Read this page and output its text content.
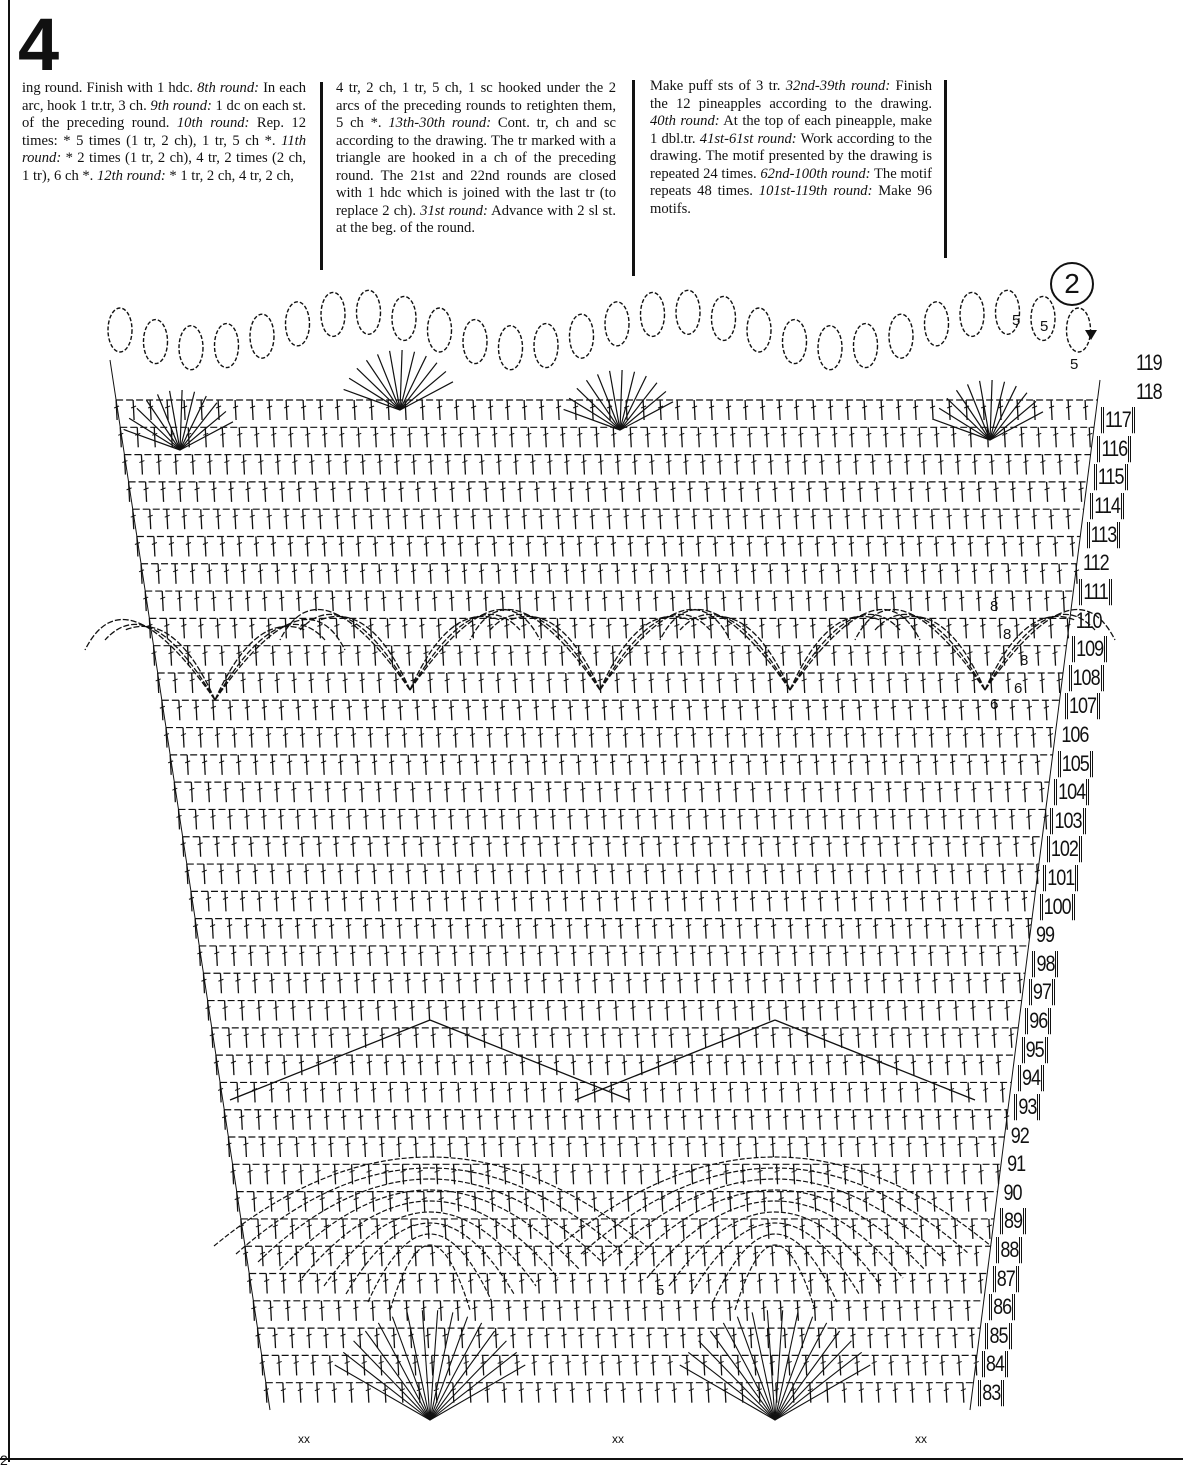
2
4
ing round. Finish with 1 hdc. 8th round: In each arc, hook 1 tr.tr, 3 ch. 9th round: 1 dc on each st. of the preceding round. 10th round: Rep. 12 times: * 5 times (1 tr, 2 ch), 1 tr, 5 ch *. 11th round: * 2 times (1 tr, 2 ch), 4 tr, 2 times (2 ch, 1 tr), 6 ch *. 12th round: * 1 tr, 2 ch, 4 tr, 2 ch,
4 tr, 2 ch, 1 tr, 5 ch, 1 sc hooked under the 2 arcs of the preceding rounds to retighten them, 5 ch *. 13th-30th round: Cont. tr, ch and sc according to the drawing. The tr marked with a triangle are hooked in a ch of the preceding round. The 21st and 22nd rounds are closed with 1 hdc which is joined with the last tr (to replace 2 ch). 31st round: Advance with 2 sl st. at the beg. of the round.
Make puff sts of 3 tr. 32nd-39th round: Finish the 12 pineapples according to the drawing. 40th round: At the top of each pineapple, make 1 dbl.tr. 41st-61st round: Work according to the drawing. The motif presented by the drawing is repeated 24 times. 62nd-100th round: The motif repeats 48 times. 101st-119th round: Make 96 motifs.
2
119
118
117
116
115
114
113
112
111
110
109
108
107
106
105
104
103
102
101
100
99
98
97
96
95
94
93
92
91
90
89
88
87
86
85
84
83
5 5
5
8
8
8
6
6
5
xx	xx	xx
